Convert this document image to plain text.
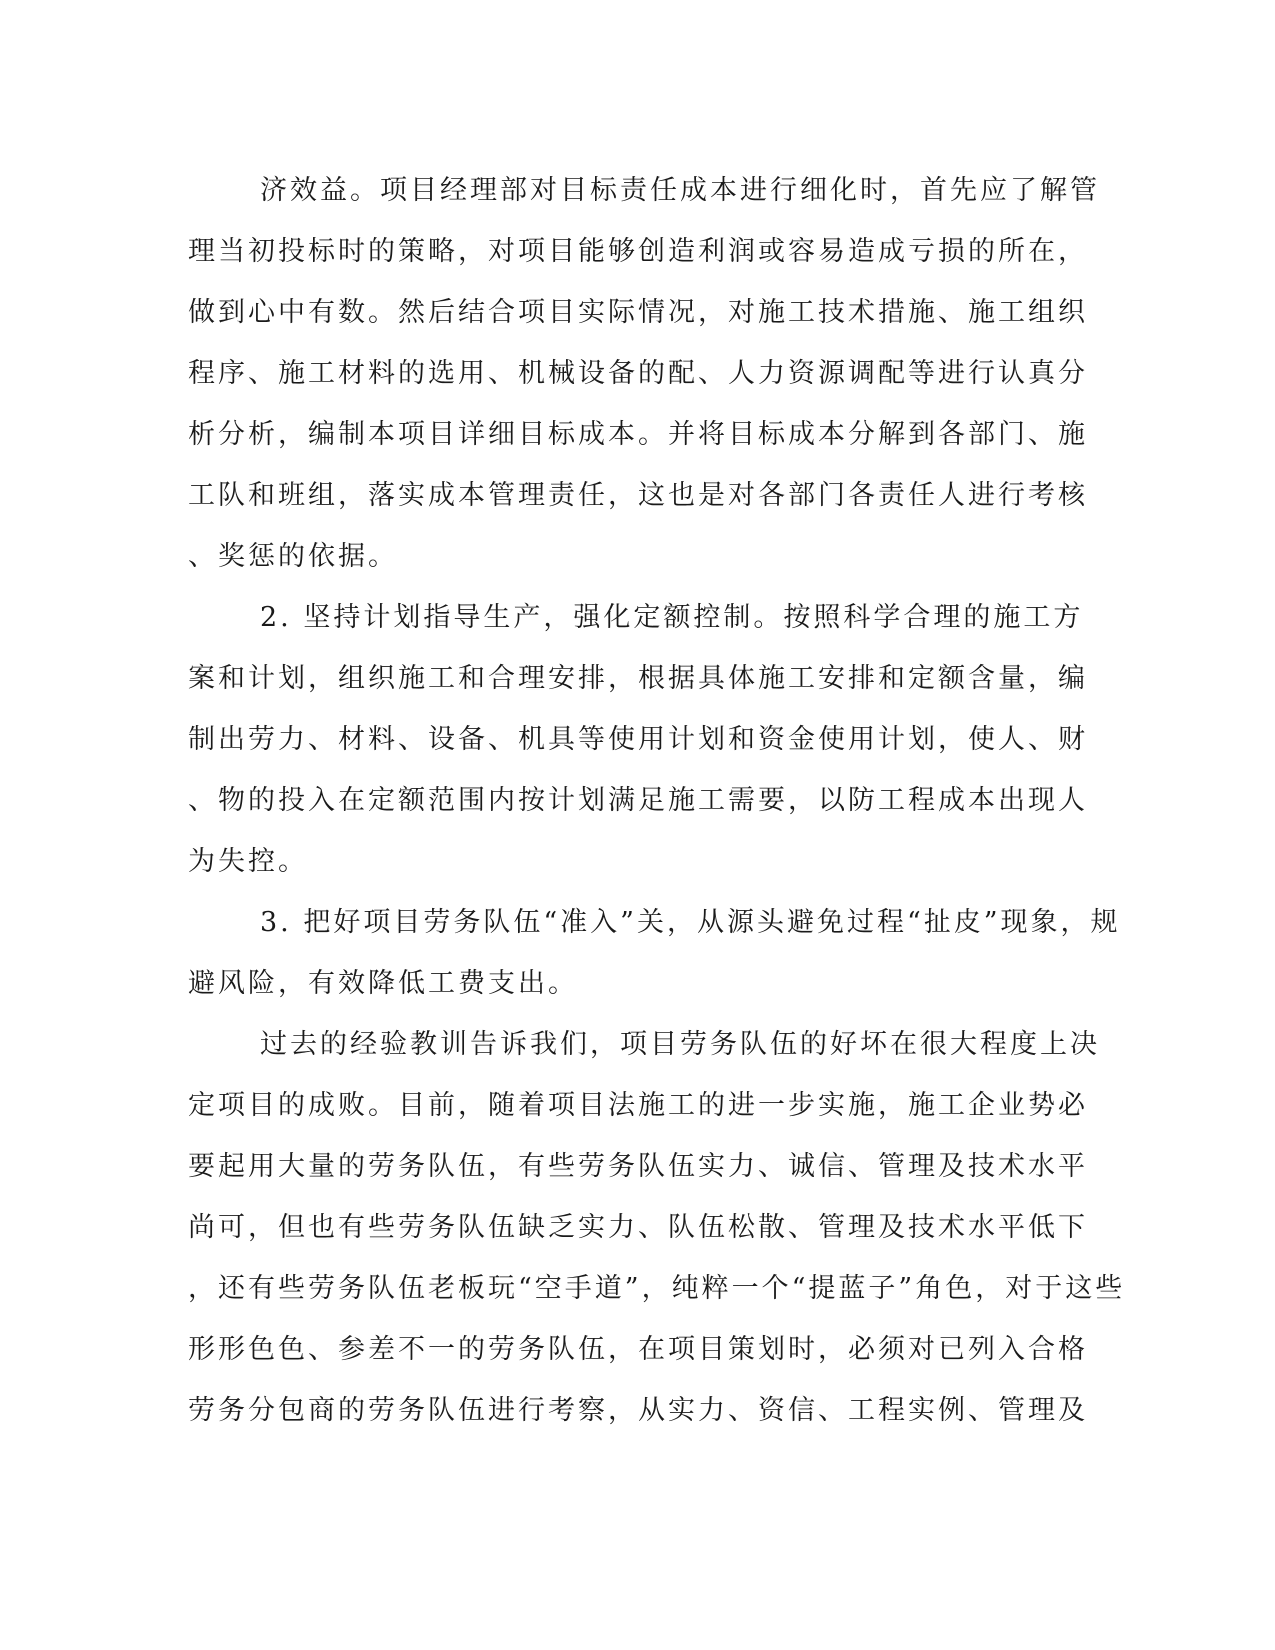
济效益。项目经理部对目标责任成本进行细化时，首先应了解管
理当初投标时的策略，对项目能够创造利润或容易造成亏损的所在，
做到心中有数。然后结合项目实际情况，对施工技术措施、施工组织
程序、施工材料的选用、机械设备的配、人力资源调配等进行认真分
析分析，编制本项目详细目标成本。并将目标成本分解到各部门、施
工队和班组，落实成本管理责任，这也是对各部门各责任人进行考核
、奖惩的依据。
2. 坚持计划指导生产，强化定额控制。按照科学合理的施工方
案和计划，组织施工和合理安排，根据具体施工安排和定额含量，编
制出劳力、材料、设备、机具等使用计划和资金使用计划，使人、财
、物的投入在定额范围内按计划满足施工需要，以防工程成本出现人
为失控。
3. 把好项目劳务队伍“准入”关，从源头避免过程“扯皮”现象，规
避风险，有效降低工费支出。
过去的经验教训告诉我们，项目劳务队伍的好坏在很大程度上决
定项目的成败。目前，随着项目法施工的进一步实施，施工企业势必
要起用大量的劳务队伍，有些劳务队伍实力、诚信、管理及技术水平
尚可，但也有些劳务队伍缺乏实力、队伍松散、管理及技术水平低下
，还有些劳务队伍老板玩“空手道”，纯粹一个“提蓝子”角色，对于这些
形形色色、参差不一的劳务队伍，在项目策划时，必须对已列入合格
劳务分包商的劳务队伍进行考察，从实力、资信、工程实例、管理及
